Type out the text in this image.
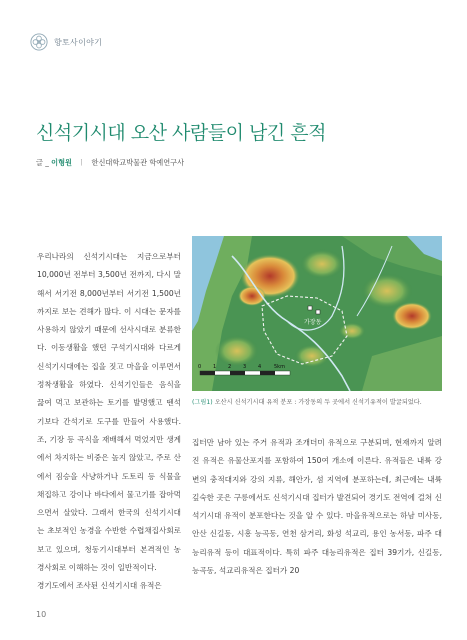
향토사이야기
신석기시대 오산 사람들이 남긴 흔적
글 _ 이형원 ㅣ 한신대학교박물관 학예연구사

우리나라의 신석기시대는 지금으로부터 10,000년 전부터 3,500년 전까지, 다시 말해서 서기전 8,000년부터 서기전 1,500년까지로 보는 견해가 많다. 이 시대는 문자를 사용하지 않았기 때문에 선사시대로 분류한다. 이동생활을 했던 구석기시대와 다르게 신석기시대에는 집을 짓고 마을을 이루면서 정착생활을 하였다. 신석기인들은 음식을 끓여 먹고 보관하는 토기를 발명했고 뗀석기보다 간석기로 도구를 만들어 사용했다. 조, 기장 등 곡식을 재배해서 먹었지만 생계에서 차지하는 비중은 높지 않았고, 주로 산에서 짐승을 사냥하거나 도토리 등 식물을 채집하고 강이나 바다에서 물고기를 잡아먹으면서 살았다. 그래서 한국의 신석기시대는 초보적인 농경을 수반한 수렵채집사회로 보고 있으며, 청동기시대부터 본격적인 농경사회로 이해하는 것이 일반적이다.

경기도에서 조사된 신석기시대 유적은

가장동
0 1 2 3 4	5km
(그림1) 오산시 신석기시대 유적 분포 : 가장동의 두 곳에서 신석기유적이 발굴되었다.

집터만 남아 있는 주거 유적과 조개더미 유적으로 구분되며, 현재까지 알려진 유적은 유물산포지를 포함하여 150여 개소에 이른다. 유적들은 내륙 강변의 충적대지와 강의 지류, 해안가, 섬 지역에 분포하는데, 최근에는 내륙 깊숙한 곳은 구릉에서도 신석기시대 집터가 발견되어 경기도 전역에 걸쳐 신석기시대 유적이 분포한다는 것을 알 수 있다. 마을유적으로는 하남 미사동, 안산 신길동, 시흥 능곡동, 연천 삼거리, 화성 석교리, 용인 농서동, 파주 대능리유적 등이 대표적이다. 특히 파주 대능리유적은 집터 39기가, 신길동, 능곡동, 석교리유적은 집터가 20

10
